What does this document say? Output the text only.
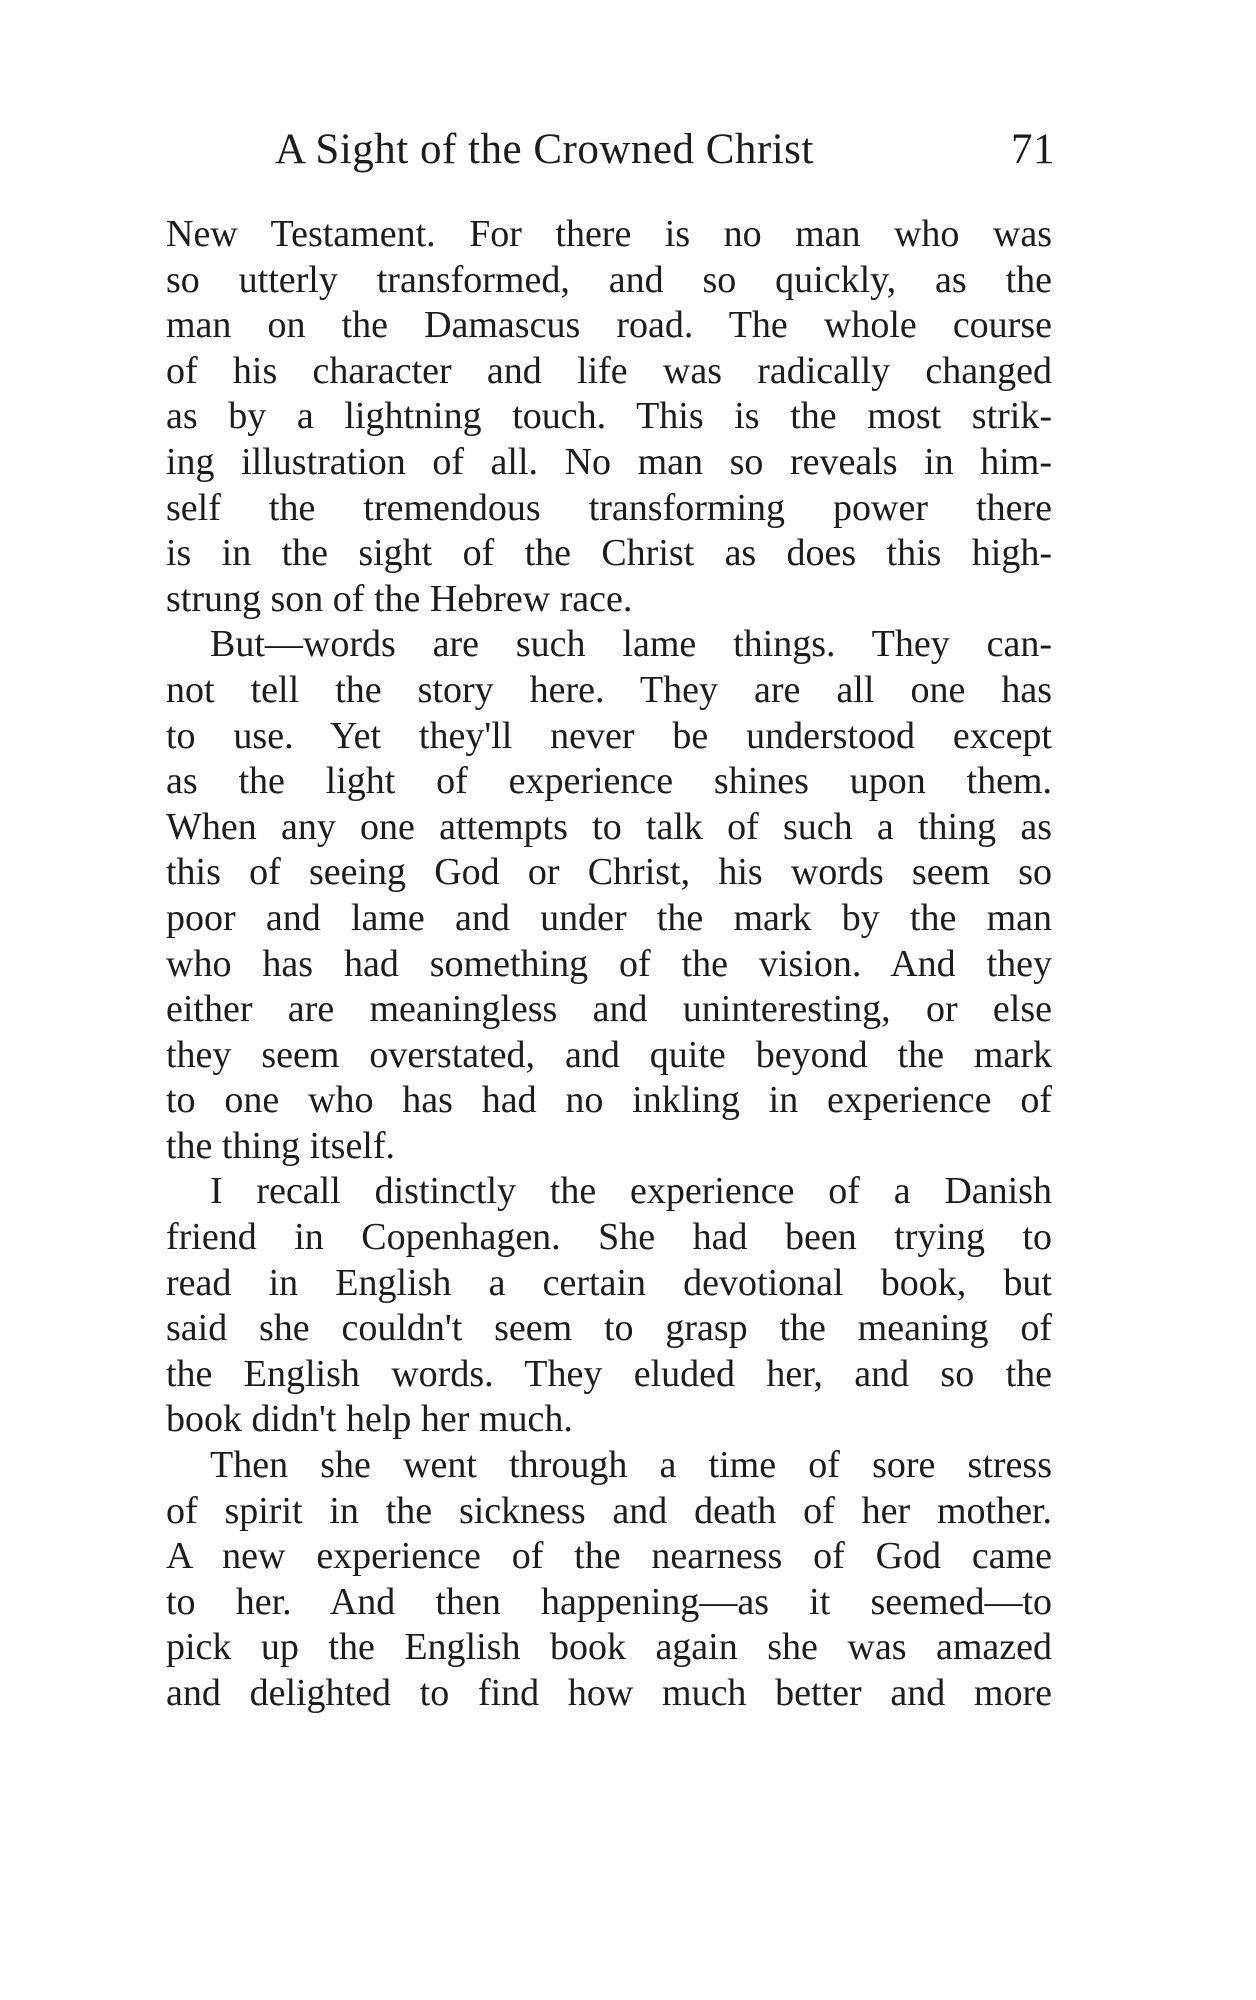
A Sight of the Crowned Christ	71
New Testament. For there is no man who was
so utterly transformed, and so quickly, as the
man on the Damascus road. The whole course
of his character and life was radically changed
as by a lightning touch. This is the most strik-
ing illustration of all. No man so reveals in him-
self the tremendous transforming power there
is in the sight of the Christ as does this high-
strung son of the Hebrew race.
But—words are such lame things. They can-
not tell the story here. They are all one has
to use. Yet they'll never be understood except
as the light of experience shines upon them.
When any one attempts to talk of such a thing as
this of seeing God or Christ, his words seem so
poor and lame and under the mark by the man
who has had something of the vision. And they
either are meaningless and uninteresting, or else
they seem overstated, and quite beyond the mark
to one who has had no inkling in experience of
the thing itself.
I recall distinctly the experience of a Danish
friend in Copenhagen. She had been trying to
read in English a certain devotional book, but
said she couldn't seem to grasp the meaning of
the English words. They eluded her, and so the
book didn't help her much.
Then she went through a time of sore stress
of spirit in the sickness and death of her mother.
A new experience of the nearness of God came
to her. And then happening—as it seemed—to
pick up the English book again she was amazed
and delighted to find how much better and more
